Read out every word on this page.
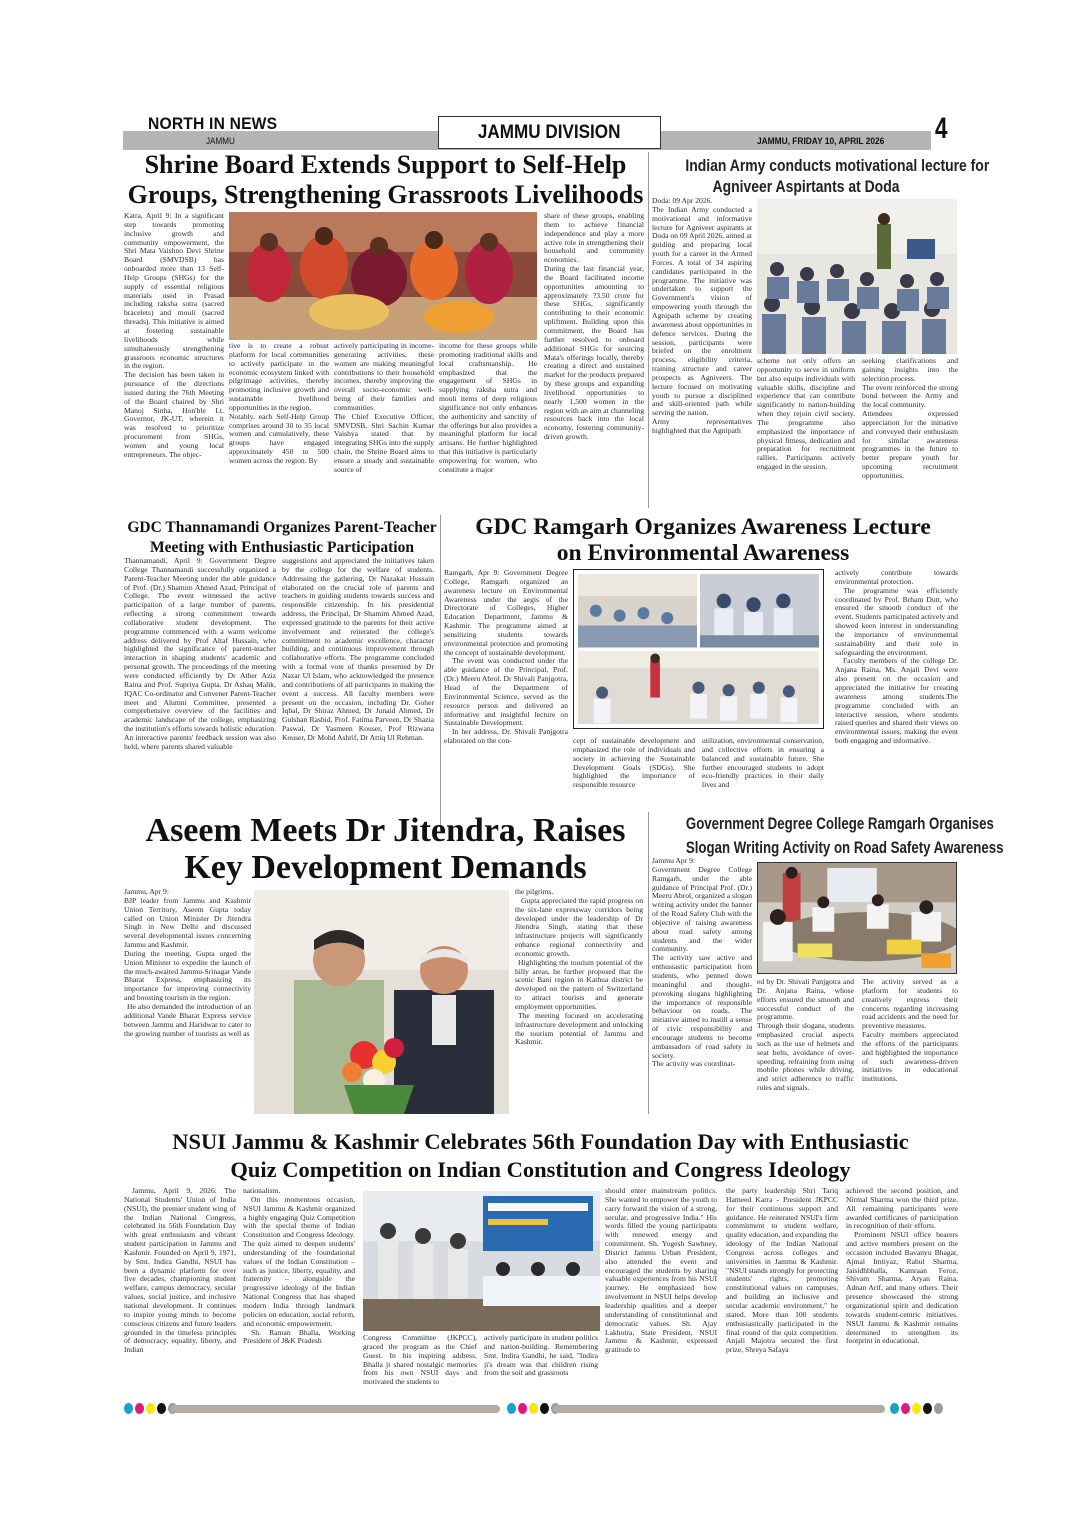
NORTH IN NEWS
JAMMU	JAMMU DIVISION	JAMMU, FRIDAY 10, APRIL 2026 4
Shrine Board Extends Support to Self-Help
Groups, Strengthening Grassroots Livelihoods

Katra, April 9: In a significant step towards promoting inclusive growth and community empowerment, the Shri Mata Vaishno Devi Shrine Board (SMVDSB) has onboarded more than 13 Self-Help Groups (SHGs) for the supply of essential religious materials used in Prasad including raksha sutra (sacred bracelets) and mouli (sacred threads). This initiative is aimed at fostering sustainable livelihoods while simultaneously strengthening grassroots economic structures in the region.

The decision has been taken in pursuance of the directions issued during the 76th Meeting of the Board chaired by Shri Manoj Sinha, Hon'ble Lt. Governor, JK-UT, wherein it was resolved to prioritize procurement from SHGs, women and young local entrepreneurs. The objec-

tive is to create a robust platform for local communities to actively participate in the economic ecosystem linked with pilgrimage activities, thereby promoting inclusive growth and sustainable livelihood opportunities in the region.

Notably, each Self-Help Group comprises around 30 to 35 local women and cumulatively, these groups have engaged approximately 450 to 500 women across the region. By

actively participating in income-generating activities, these women are making meaningful contributions to their household incomes, thereby improving the overall socio-economic well-being of their families and communities.

The Chief Executive Officer, SMVDSB, Shri Sachin Kumar Vaishya stated that by integrating SHGs into the supply chain, the Shrine Board aims to ensure a steady and sustainable source of

income for these groups while promoting traditional skills and local craftsmanship. He emphasized that the engagement of SHGs in supplying raksha sutra and mouli items of deep religious significance not only enhances the authenticity and sanctity of the offerings but also provides a meaningful platform for local artisans. He further highlighted that this initiative is particularly empowering for women, who constitute a major

share of these groups, enabling them to achieve financial independence and play a more active role in strengthening their household and community economies.

During the last financial year, the Board facilitated income opportunities amounting to approximately ?3.50 crore for these SHGs, significantly contributing to their economic upliftment. Building upon this commitment, the Board has further resolved to onboard additional SHGs for sourcing Mata's offerings locally, thereby creating a direct and sustained market for the products prepared by these groups and expanding livelihood opportunities to nearly 1,500 women in the region with an aim at channeling resources back into the local economy, fostering community-driven growth.

Indian Army conducts motivational lecture for
Agniveer Aspirtants at Doda

Doda: 09 Apr 2026.

The Indian Army conducted a motivational and informative lecture for Agniveer aspirants at Doda on 09 April 2026, aimed at guiding and preparing local youth for a career in the Armed Forces. A total of 34 aspiring candidates participated in the programme. The initiative was undertaken to support the Government's vision of empowering youth through the Agnipath scheme by creating awareness about opportunities in defence services. During the session, participants were briefed on the enrolment process, eligibility criteria, training structure and career prospects as Agniveers. The lecture focused on motivating youth to pursue a disciplined and skill-oriented path while serving the nation.

Army representatives highlighted that the Agnipath

scheme not only offers an opportunity to serve in uniform but also equips individuals with valuable skills, discipline and experience that can contribute significantly to nation-building when they rejoin civil society. The programme also emphasized the importance of physical fitness, dedication and preparation for recruitment rallies. Participants actively engaged in the session,

seeking clarifications and gaining insights into the selection process.

The event reinforced the strong bond between the Army and the local community.

Attendees expressed appreciation for the initiative and conveyed their enthusiasm for similar awareness programmes in the future to better prepare youth for upcoming recruitment opportunities.

GDC Thannamandi Organizes Parent-Teacher
Meeting with Enthusiastic Participation

Thannamandi, April 9: Government Degree College Thannamandi successfully organized a Parent-Teacher Meeting under the able guidance of Prof. (Dr.) Shamim Ahmed Azad, Principal of College. The event witnessed the active participation of a large number of parents, reflecting a strong commitment towards collaborative student development. The programme commenced with a warm welcome address delivered by Prof Altaf Hussain, who highlighted the significance of parent-teacher interaction in shaping students' academic and personal growth. The proceedings of the meeting were conducted efficiently by Dr Ather Aziz Raina and Prof. Supriya Gupta. Dr Ashaq Malik, IQAC Co-ordinator and Convener Parent-Teacher meet and Alumni Committee, presented a comprehensive overview of the facilities and academic landscape of the college, emphasizing the institution's efforts towards holistic education. An interactive parents' feedback session was also held, where parents shared valuable

suggestions and appreciated the initiatives taken by the college for the welfare of students. Addressing the gathering, Dr Nazakat Hussain elaborated on the crucial role of parents and teachers in guiding students towards success and responsible citizenship. In his presidential address, the Principal, Dr Shamim Ahmed Azad, expressed gratitude to the parents for their active involvement and reiterated the college's commitment to academic excellence, character building, and continuous improvement through collaborative efforts. The programme concluded with a formal vote of thanks presented by Dr Nazar Ul Islam, who acknowledged the presence and contributions of all participants in making the event a success. All faculty members were present on the occasion, including Dr. Goher Iqbal, Dr Shiraz Ahmed, Dr Junaid Ahmed, Dr Gulshan Rashid, Prof. Fatima Parveen, Dr Shazia Paswal, Dr Yasmeen Kouser, Prof Rizwana Kouser, Dr Mohd Ashrif, Dr Attiq Ul Rehman.

GDC Ramgarh Organizes Awareness Lecture
on Environmental Awareness

Ramgarh, Apr 9: Government Degree College, Ramgarh organized an awareness lecture on Environmental Awareness under the aegis of the Directorate of Colleges, Higher Education Department, Jammu & Kashmir. The programme aimed at sensitizing students towards environmental protection and promoting the concept of sustainable development.

The event was conducted under the able guidance of the Principal, Prof. (Dr.) Meeru Abrol. Dr Shivali Panjgotra, Head of the Department of Environmental Science, served as the resource person and delivered an informative and insightful lecture on Sustainable Development.

In her address, Dr. Shivali Panjgotra elaborated on the con-	cept of sustainable development and emphasized the role of individuals and society in achieving the Sustainable Development Goals (SDGs). She highlighted the importance of responsible resource

utilization, environmental conservation, and collective efforts in ensuring a balanced and sustainable future. She further encouraged students to adopt eco-friendly practices in their daily lives and

actively contribute towards environmental protection.

The programme was efficiently coordinated by Prof. Brham Dutt, who ensured the smooth conduct of the event. Students participated actively and showed keen interest in understanding the importance of environmental sustainability and their role in safeguarding the environment.

Faculty members of the college Dr. Anjana Raina, Ms. Anjali Devi were also present on the occasion and appreciated the initiative for creating awareness among students.The programme concluded with an interactive session, where students raised queries and shared their views on environmental issues, making the event both engaging and informative.

Aseem Meets Dr Jitendra, Raises
Key Development Demands

Jammu, Apr 9:

BJP leader from Jammu and Kashmir Union Territory, Aseem Gupta today called on Union Minister Dr Jitendra Singh in New Delhi and discussed several developmental issues concerning Jammu and Kashmir.

During the meeting, Gupta urged the Union Minister to expedite the launch of the much-awaited Jammu-Srinagar Vande Bharat Express, emphasizing its importance for improving connectivity and boosting tourism in the region.

He also demanded the introduction of an additional Vande Bharat Express service between Jammu and Haridwar to cater to the growing number of tourists as well as

the pilgrims.

Gupta appreciated the rapid progress on the six-lane expressway corridors being developed under the leadership of Dr Jitendra Singh, stating that these infrastructure projects will significantly enhance regional connectivity and economic growth.

Highlighting the tourism potential of the hilly areas, he further proposed that the scenic Bani region in Kathua district be developed on the pattern of Switzerland to attract tourists and generate employment opportunities.

The meeting focused on accelerating infrastructure development and unlocking the tourism potential of Jammu and Kashmir.

Government Degree College Ramgarh Organises
Slogan Writing Activity on Road Safety Awareness

Jammu Apr 9:

Government Degree College Ramgarh, under the able guidance of Principal Prof. (Dr.) Meeru Abrol, organized a slogan writing activity under the banner of the Road Safety Club with the objective of raising awareness about road safety among students and the wider community.

The activity saw active and enthusiastic participation from students, who penned down meaningful and thought-provoking slogans highlighting the importance of responsible behaviour on roads. The initiative aimed to instill a sense of civic responsibility and encourage students to become ambassadors of road safety in society.

The activity was coordinat-

ed by Dr. Shivali Panjgotra and Dr. Anjana Raina, whose efforts ensured the smooth and successful conduct of the programme.

Through their slogans, students emphasized crucial aspects such as the use of helmets and seat belts, avoidance of over-speeding, refraining from using mobile phones while driving, and strict adherence to traffic rules and signals.

The activity served as a platform for students to creatively express their concerns regarding increasing road accidents and the need for preventive measures.

Faculty members appreciated the efforts of the participants and highlighted the importance of such awareness-driven initiatives in educational institutions.

NSUI Jammu & Kashmir Celebrates 56th Foundation Day with Enthusiastic
Quiz Competition on Indian Constitution and Congress Ideology

Jammu, April 9, 2026: The National Students' Union of India (NSUI), the premier student wing of the Indian National Congress, celebrated its 56th Foundation Day with great enthusiasm and vibrant student participation in Jammu and Kashmir. Founded on April 9, 1971, by Smt. Indira Gandhi, NSUI has been a dynamic platform for over five decades, championing student welfare, campus democracy, secular values, social justice, and inclusive national development. It continues to inspire young minds to become conscious citizens and future leaders grounded in the timeless principles of democracy, equality, liberty, and Indian

nationalism.

On this momentous occasion, NSUI Jammu & Kashmir organized a highly engaging Quiz Competition with the special theme of Indian Constitution and Congress Ideology. The quiz aimed to deepen students' understanding of the foundational values of the Indian Constitution – such as justice, liberty, equality, and fraternity – alongside the progressive ideology of the Indian National Congress that has shaped modern India through landmark policies on education, social reform, and economic empowerment.

Sh. Raman Bhalla, Working President of J&K Pradesh	Congress Committee (JKPCC), graced the program as the Chief Guest. In his inspiring address, Bhalla ji shared nostalgic memories from his own NSUI days and motivated the students to

actively participate in student politics and nation-building. Remembering Smt. Indira Gandhi, he said, "Indira ji's dream was that children rising from the soil and grassroots

should enter mainstream politics. She wanted to empower the youth to carry forward the vision of a strong, secular, and progressive India." His words filled the young participants with renewed energy and commitment. Sh. Yogesh Sawhney, District Jammu Urban President, also attended the event and encouraged the students by sharing valuable experiences from his NSUI journey. He emphasized how involvement in NSUI helps develop leadership qualities and a deeper understanding of constitutional and democratic values. Sh. Ajay Lakhotra, State President, NSUI Jammu & Kashmir, expressed gratitude to

the party leadership Shri Tariq Hameed Karra - President JKPCC for their continuous support and guidance. He reiterated NSUI's firm commitment to student welfare, quality education, and expanding the ideology of the Indian National Congress across colleges and universities in Jammu & Kashmir. "NSUI stands strongly for protecting students' rights, promoting constitutional values on campuses, and building an inclusive and secular academic environment," he stated. More than 100 students enthusiastically participated in the final round of the quiz competition. Anjali Majotra secured the first prize, Shreya Safaya

achieved the second position, and Nirmal Sharma won the third prize. All remaining participants were awarded certificates of participation in recognition of their efforts.

Prominent NSUI office bearers and active members present on the occasion included Bavanyu Bhagat, Ajmal Imtiyaz, Rahul Sharma, Jaisidhbhalla, Kamraan Feroz, Shivam Sharma, Aryan Raina, Adnan Arif, and many others. Their presence showcased the strong organizational spirit and dedication towards student-centric initiatives. NSUI Jammu & Kashmir remains determined to strengthen its footprint in educational.
